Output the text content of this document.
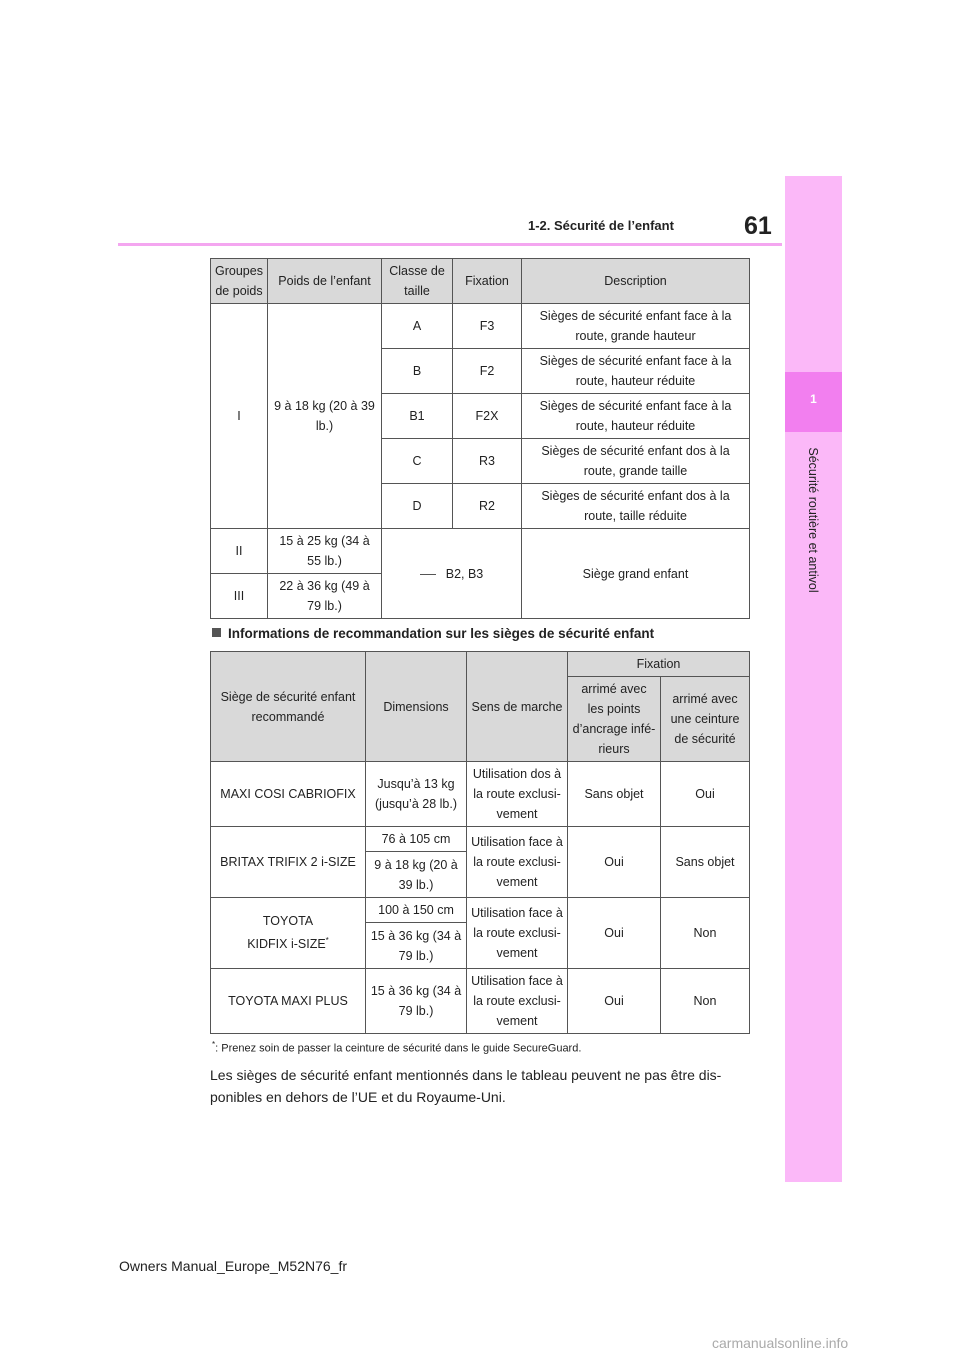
1
Sécurité routière et antivol
1-2. Sécurité de l’enfant	61
Groupes de poids	Poids de l’enfant	Classe de taille	Fixation	Description
I	9 à 18 kg (20 à 39 lb.)	A	F3	Sièges de sécurité enfant face à la route, grande hauteur
		B	F2	Sièges de sécurité enfant face à la route, hauteur réduite
		B1	F2X	Sièges de sécurité enfant face à la route, hauteur réduite
		C	R3	Sièges de sécurité enfant dos à la route, grande taille
		D	R2	Sièges de sécurité enfant dos à la route, taille réduite
II	15 à 25 kg (34 à 55 lb.)	B2, B3		Siège grand enfant
III	22 à 36 kg (49 à 79 lb.)			
Informations de recommandation sur les sièges de sécurité enfant
Siège de sécurité enfant recommandé	Dimensions	Sens de marche	Fixation	
			arrimé avec les points d’ancrage infé-rieurs	arrimé avec une ceinture de sécurité
MAXI COSI CABRIOFIX	Jusqu’à 13 kg (jusqu’à 28 lb.)	Utilisation dos à la route exclusi-vement	Sans objet	Oui
BRITAX TRIFIX 2 i-SIZE	76 à 105 cm	Utilisation face à la route exclusi-vement	Oui	Sans objet
	9 à 18 kg (20 à 39 lb.)			
TOYOTA
KIDFIX i-SIZE*	100 à 150 cm	Utilisation face à la route exclusi-vement	Oui	Non
	15 à 36 kg (34 à 79 lb.)			
TOYOTA MAXI PLUS	15 à 36 kg (34 à 79 lb.)	Utilisation face à la route exclusi-vement	Oui	Non
*: Prenez soin de passer la ceinture de sécurité dans le guide SecureGuard.
Les sièges de sécurité enfant mentionnés dans le tableau peuvent ne pas être dis-ponibles en dehors de l’UE et du Royaume-Uni.
Owners Manual_Europe_M52N76_fr
carmanualsonline.info
